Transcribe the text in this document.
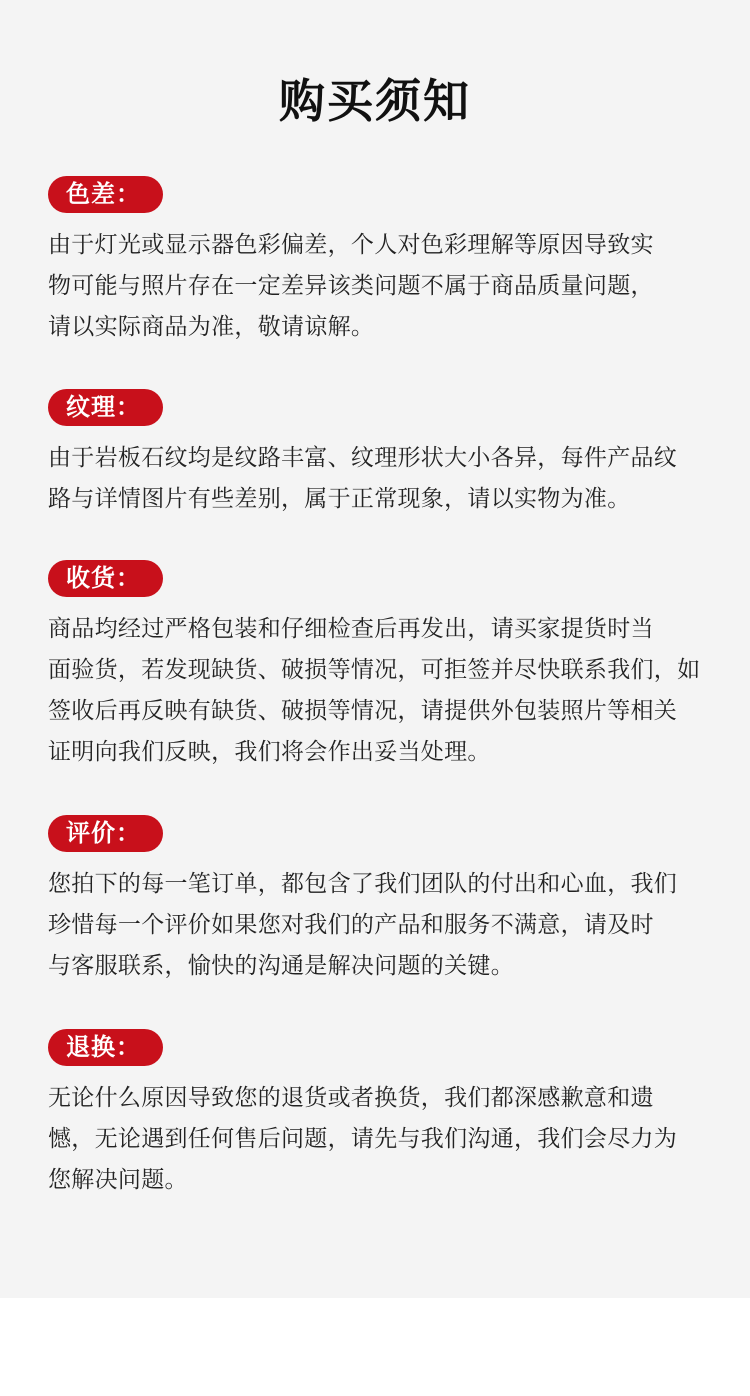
购买须知
色差：
由于灯光或显示器色彩偏差，个人对色彩理解等原因导致实
物可能与照片存在一定差异该类问题不属于商品质量问题，
请以实际商品为准，敬请谅解。
纹理：
由于岩板石纹均是纹路丰富、纹理形状大小各异，每件产品纹
路与详情图片有些差别，属于正常现象，请以实物为准。
收货：
商品均经过严格包装和仔细检查后再发出，请买家提货时当
面验货，若发现缺货、破损等情况，可拒签并尽快联系我们，如
签收后再反映有缺货、破损等情况，请提供外包装照片等相关
证明向我们反映，我们将会作出妥当处理。
评价：
您拍下的每一笔订单，都包含了我们团队的付出和心血，我们
珍惜每一个评价如果您对我们的产品和服务不满意，请及时
与客服联系，愉快的沟通是解决问题的关键。
退换：
无论什么原因导致您的退货或者换货，我们都深感歉意和遗
憾，无论遇到任何售后问题，请先与我们沟通，我们会尽力为
您解决问题。
